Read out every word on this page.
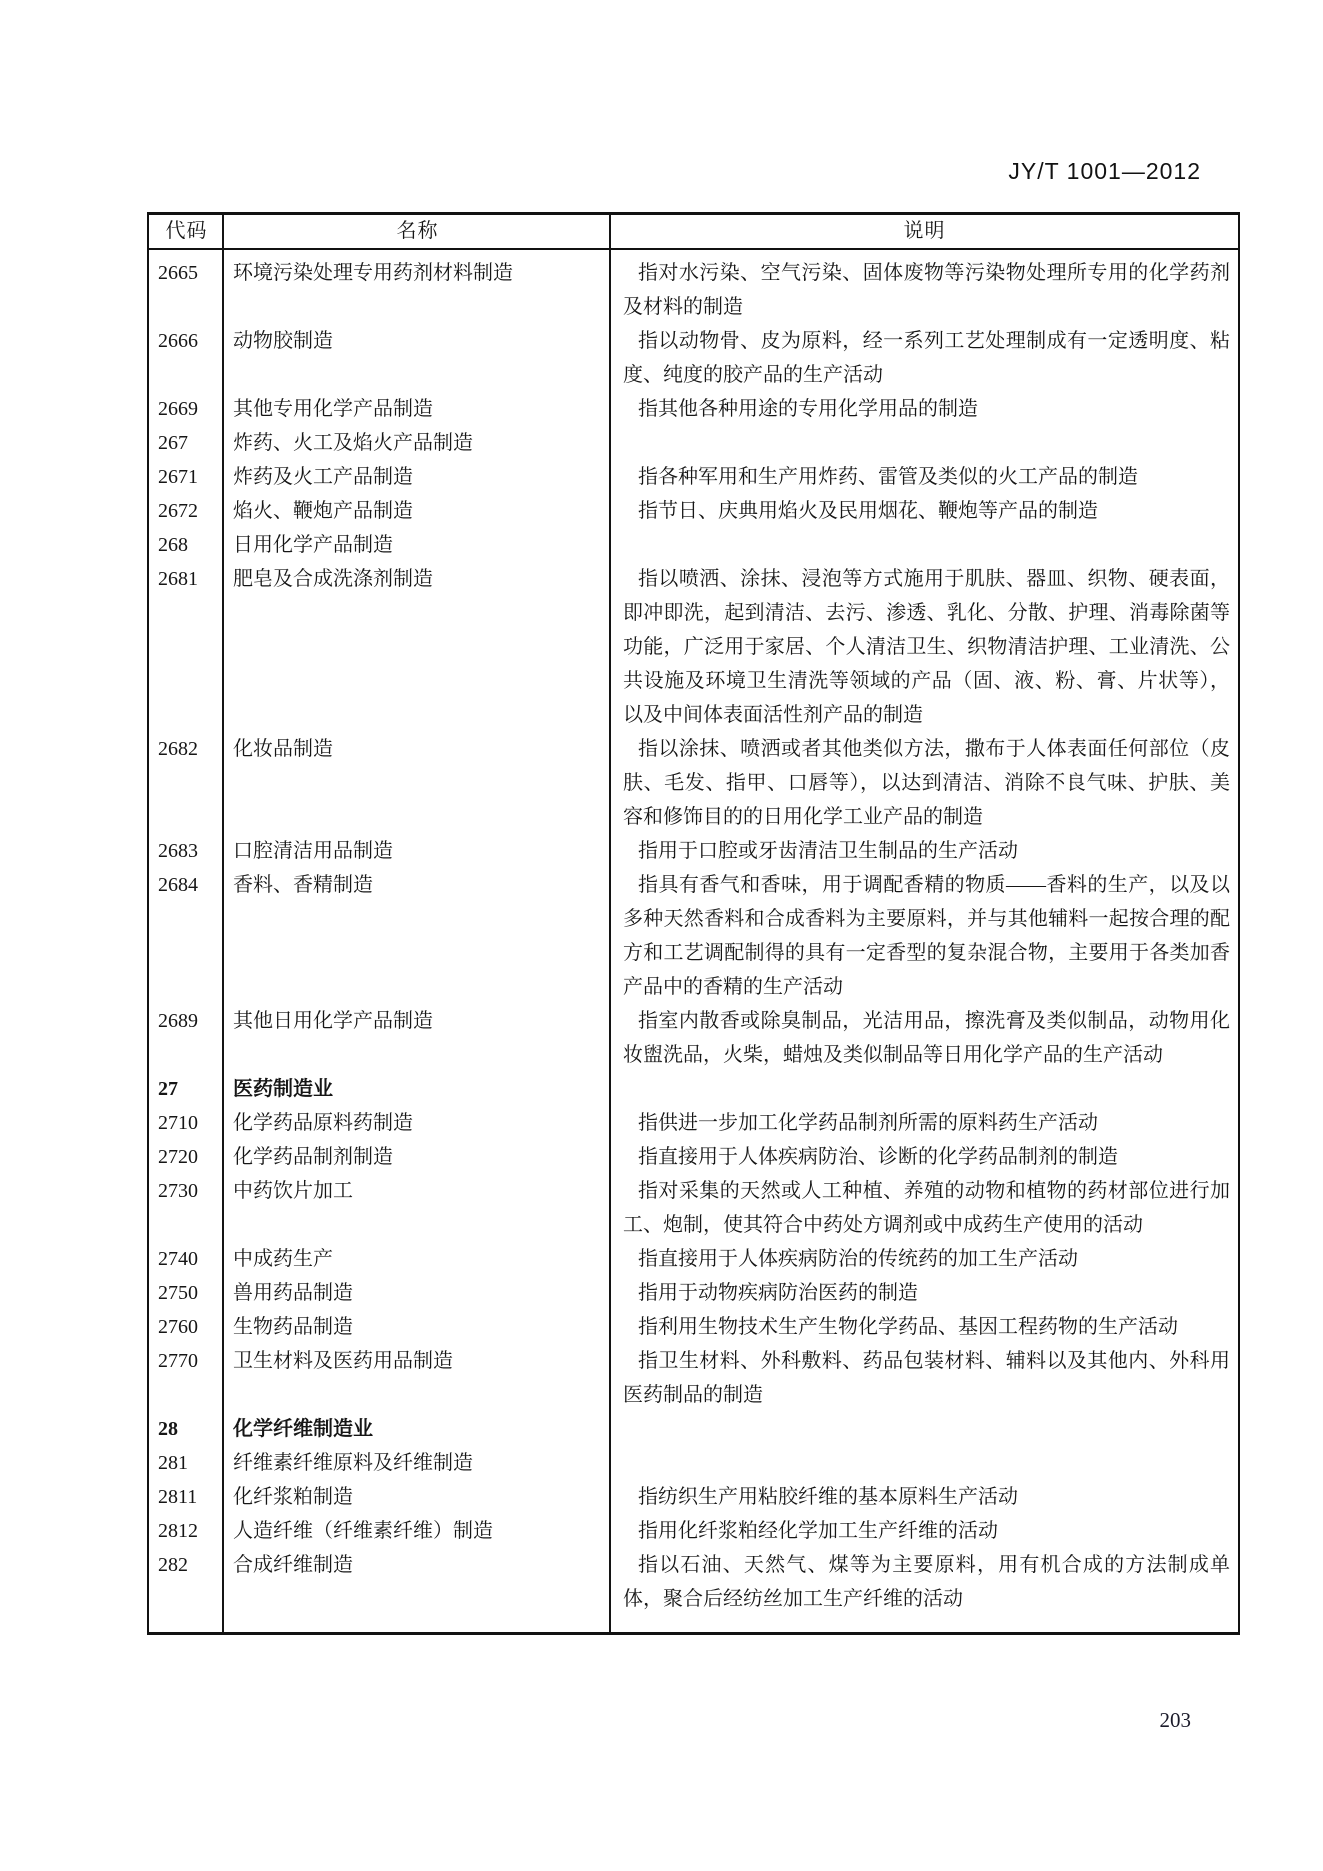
JY/T 1001—2012
代码	名称	说明
2665	环境污染处理专用药剂材料制造	指对水污染、空气污染、固体废物等污染物处理所专用的化学药剂及材料的制造
2666	动物胶制造	指以动物骨、皮为原料，经一系列工艺处理制成有一定透明度、粘度、纯度的胶产品的生产活动
2669	其他专用化学产品制造	指其他各种用途的专用化学用品的制造
267	炸药、火工及焰火产品制造
2671	炸药及火工产品制造	指各种军用和生产用炸药、雷管及类似的火工产品的制造
2672	焰火、鞭炮产品制造	指节日、庆典用焰火及民用烟花、鞭炮等产品的制造
268	日用化学产品制造
2681	肥皂及合成洗涤剂制造	指以喷洒、涂抹、浸泡等方式施用于肌肤、器皿、织物、硬表面，即冲即洗，起到清洁、去污、渗透、乳化、分散、护理、消毒除菌等功能，广泛用于家居、个人清洁卫生、织物清洁护理、工业清洗、公共设施及环境卫生清洗等领域的产品（固、液、粉、膏、片状等），以及中间体表面活性剂产品的制造
2682	化妆品制造	指以涂抹、喷洒或者其他类似方法，撒布于人体表面任何部位（皮肤、毛发、指甲、口唇等），以达到清洁、消除不良气味、护肤、美容和修饰目的的日用化学工业产品的制造
2683	口腔清洁用品制造	指用于口腔或牙齿清洁卫生制品的生产活动
2684	香料、香精制造	指具有香气和香味，用于调配香精的物质——香料的生产，以及以多种天然香料和合成香料为主要原料，并与其他辅料一起按合理的配方和工艺调配制得的具有一定香型的复杂混合物，主要用于各类加香产品中的香精的生产活动
2689	其他日用化学产品制造	指室内散香或除臭制品，光洁用品，擦洗膏及类似制品，动物用化妆盥洗品，火柴，蜡烛及类似制品等日用化学产品的生产活动
27	医药制造业
2710	化学药品原料药制造	指供进一步加工化学药品制剂所需的原料药生产活动
2720	化学药品制剂制造	指直接用于人体疾病防治、诊断的化学药品制剂的制造
2730	中药饮片加工	指对采集的天然或人工种植、养殖的动物和植物的药材部位进行加工、炮制，使其符合中药处方调剂或中成药生产使用的活动
2740	中成药生产	指直接用于人体疾病防治的传统药的加工生产活动
2750	兽用药品制造	指用于动物疾病防治医药的制造
2760	生物药品制造	指利用生物技术生产生物化学药品、基因工程药物的生产活动
2770	卫生材料及医药用品制造	指卫生材料、外科敷料、药品包装材料、辅料以及其他内、外科用医药制品的制造
28	化学纤维制造业
281	纤维素纤维原料及纤维制造
2811	化纤浆粕制造	指纺织生产用粘胶纤维的基本原料生产活动
2812	人造纤维（纤维素纤维）制造	指用化纤浆粕经化学加工生产纤维的活动
282	合成纤维制造	指以石油、天然气、煤等为主要原料，用有机合成的方法制成单体，聚合后经纺丝加工生产纤维的活动
203
